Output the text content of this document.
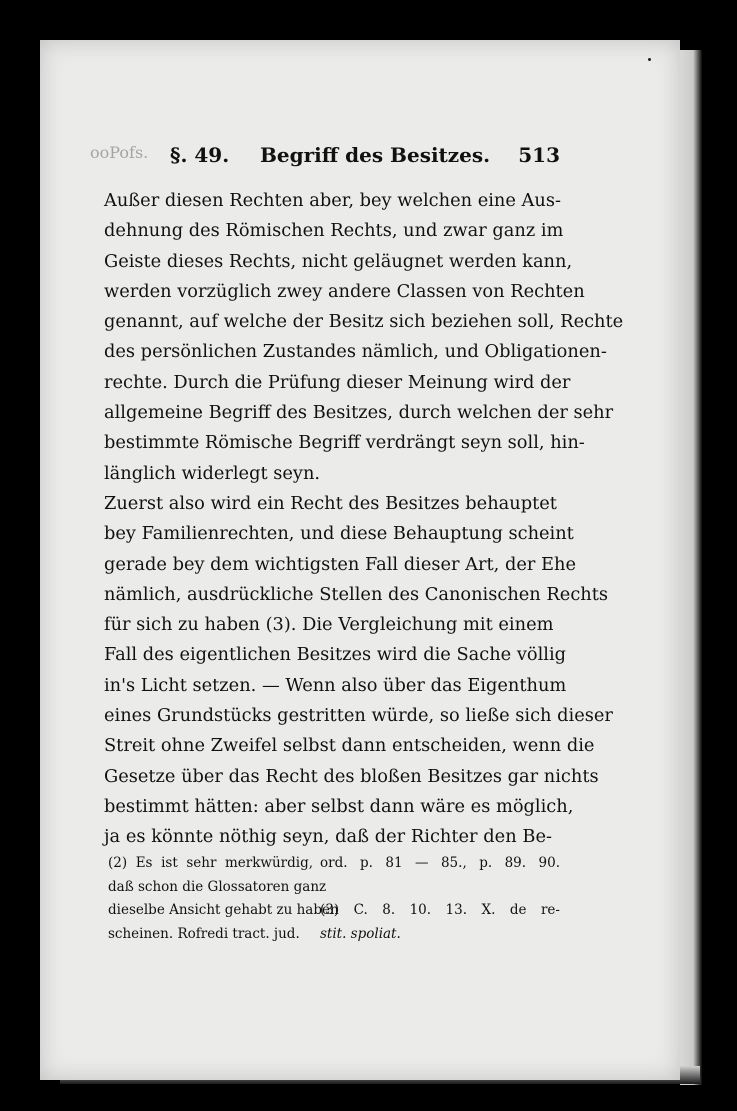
ooPofs. §. 49. Begriff des Besitzes. 513
Außer diesen Rechten aber, bey welchen eine Aus-
dehnung des Römischen Rechts, und zwar ganz im
Geiste dieses Rechts, nicht geläugnet werden kann,
werden vorzüglich zwey andere Classen von Rechten
genannt, auf welche der Besitz sich beziehen soll, Rechte
des persönlichen Zustandes nämlich, und Obligationen-
rechte. Durch die Prüfung dieser Meinung wird der
allgemeine Begriff des Besitzes, durch welchen der sehr
bestimmte Römische Begriff verdrängt seyn soll, hin-
länglich widerlegt seyn.
Zuerst also wird ein Recht des Besitzes behauptet
bey Familienrechten, und diese Behauptung scheint
gerade bey dem wichtigsten Fall dieser Art, der Ehe
nämlich, ausdrückliche Stellen des Canonischen Rechts
für sich zu haben (3). Die Vergleichung mit einem
Fall des eigentlichen Besitzes wird die Sache völlig
in's Licht setzen. — Wenn also über das Eigenthum
eines Grundstücks gestritten würde, so ließe sich dieser
Streit ohne Zweifel selbst dann entscheiden, wenn die
Gesetze über das Recht des bloßen Besitzes gar nichts
bestimmt hätten: aber selbst dann wäre es möglich,
ja es könnte nöthig seyn, daß der Richter den Be-
(2) Es ist sehr merkwürdig,
daß schon die Glossatoren ganz
dieselbe Ansicht gehabt zu haben
scheinen. Rofredi tract. jud.
ord. p. 81 — 85., p. 89. 90.
(3) C. 8. 10. 13. X. de re-
stit. spoliat.
